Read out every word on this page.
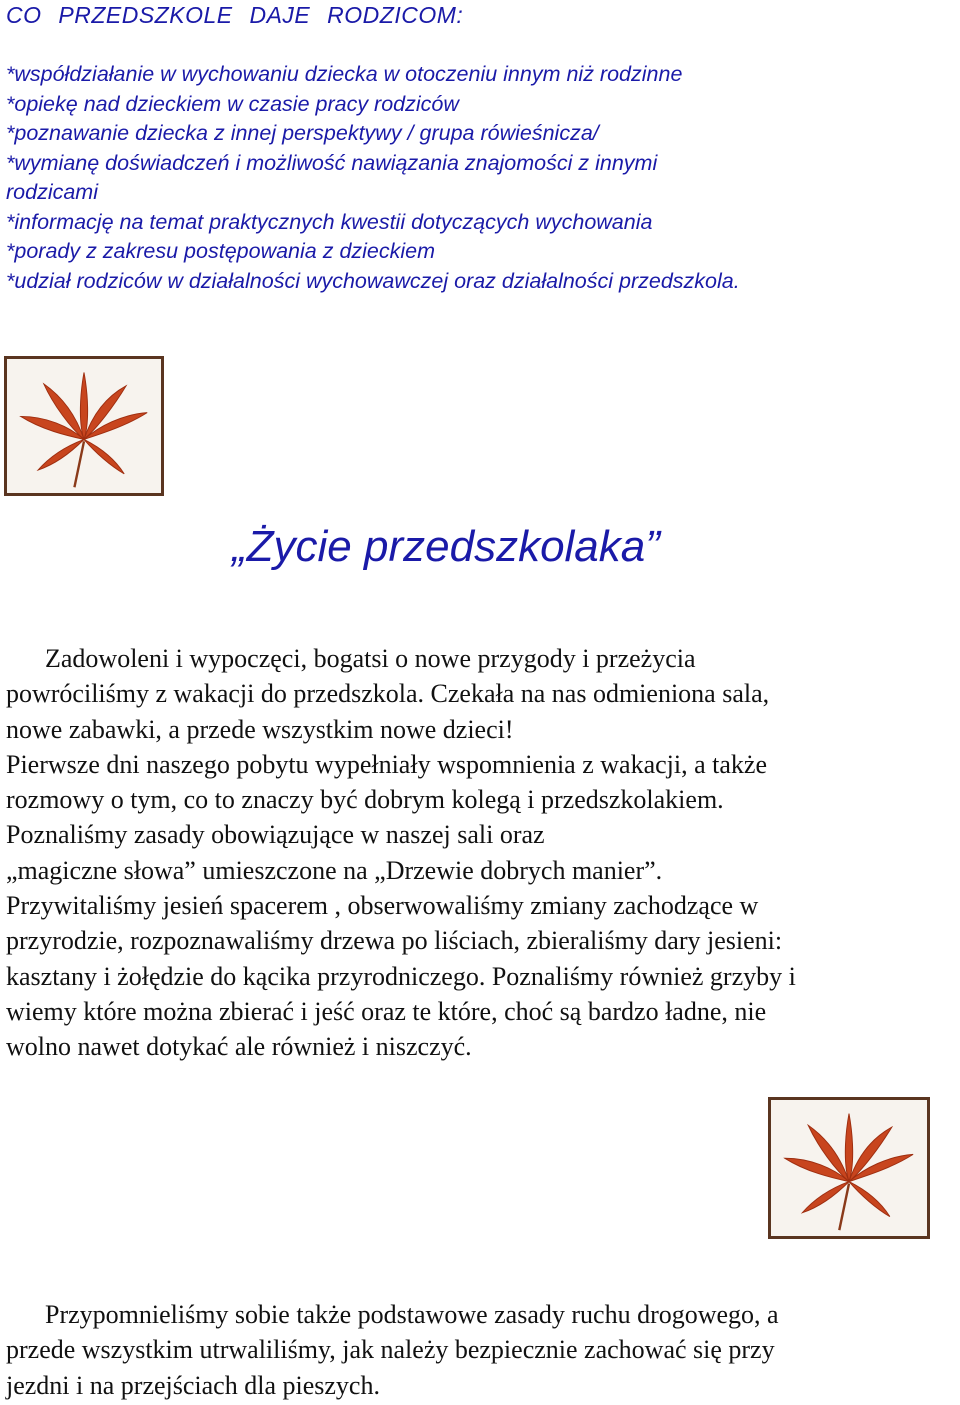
CO PRZEDSZKOLE DAJE RODZICOM:
*współdziałanie w wychowaniu dziecka w otoczeniu innym niż rodzinne
*opiekę nad dzieckiem w czasie pracy rodziców
*poznawanie dziecka z innej perspektywy / grupa rówieśnicza/
*wymianę doświadczeń i możliwość nawiązania znajomości z innymi
rodzicami
*informację na temat praktycznych kwestii dotyczących wychowania
*porady z zakresu postępowania z dzieckiem
*udział rodziców w działalności wychowawczej oraz działalności przedszkola.
„Życie przedszkolaka”
Zadowoleni i wypoczęci, bogatsi o nowe przygody i przeżycia
powróciliśmy z wakacji do przedszkola. Czekała na nas odmieniona sala,
nowe zabawki, a przede wszystkim nowe dzieci!
Pierwsze dni naszego pobytu wypełniały wspomnienia z wakacji, a także
rozmowy o tym, co to znaczy być dobrym kolegą i przedszkolakiem.
Poznaliśmy zasady obowiązujące w naszej sali oraz
„magiczne słowa” umieszczone na „Drzewie dobrych manier”.
Przywitaliśmy jesień spacerem , obserwowaliśmy zmiany zachodzące w
przyrodzie, rozpoznawaliśmy drzewa po liściach, zbieraliśmy dary jesieni:
kasztany i żołędzie do kącika przyrodniczego. Poznaliśmy również grzyby i
wiemy które można zbierać i jeść oraz te które, choć są bardzo ładne, nie
wolno nawet dotykać ale również i niszczyć.
Przypomnieliśmy sobie także podstawowe zasady ruchu drogowego, a
przede wszystkim utrwaliliśmy, jak należy bezpiecznie zachować się przy
jezdni i na przejściach dla pieszych.
